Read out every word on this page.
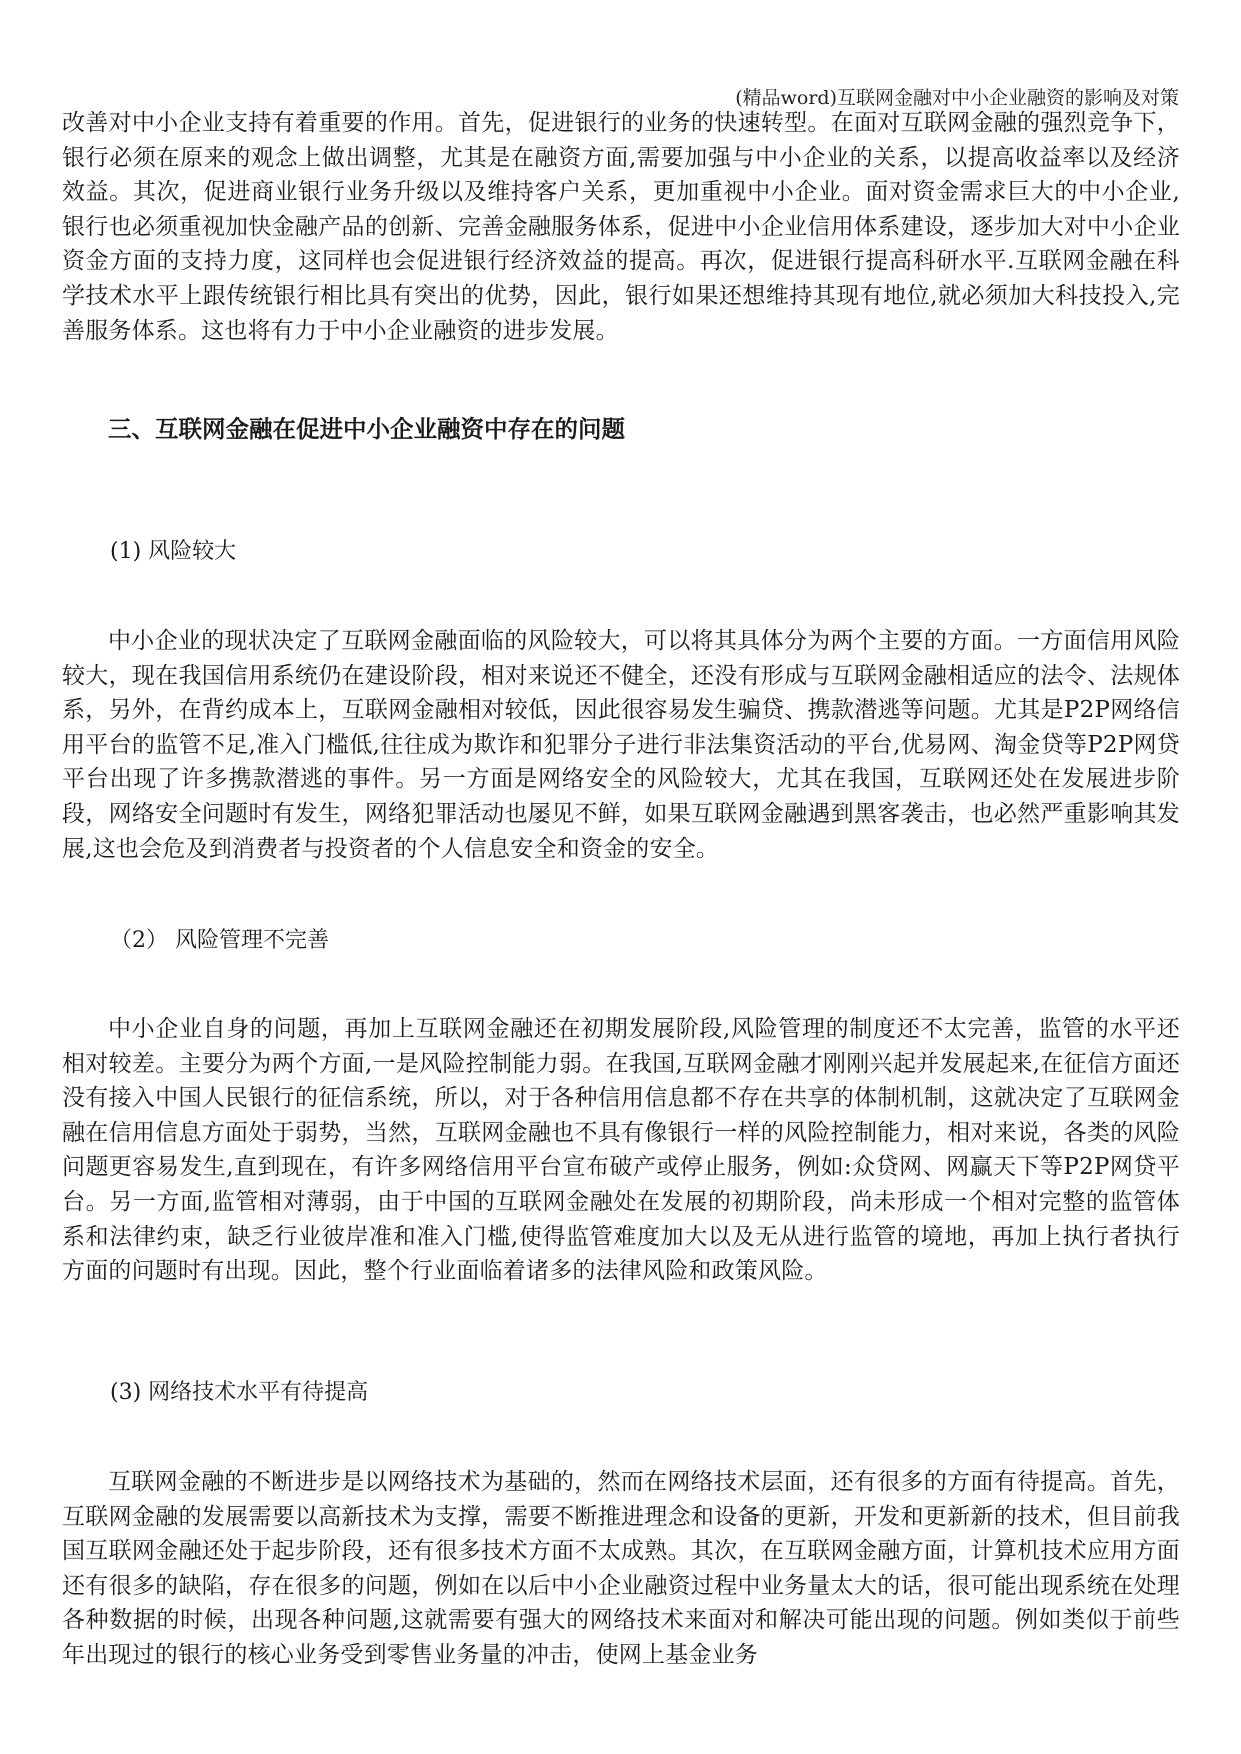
(精品word)互联网金融对中小企业融资的影响及对策

改善对中小企业支持有着重要的作用。首先，促进银行的业务的快速转型。在面对互联网金融的强烈竞争下，银行必须在原来的观念上做出调整，尤其是在融资方面,需要加强与中小企业的关系，以提高收益率以及经济效益。其次，促进商业银行业务升级以及维持客户关系，更加重视中小企业。面对资金需求巨大的中小企业,银行也必须重视加快金融产品的创新、完善金融服务体系，促进中小企业信用体系建设，逐步加大对中小企业资金方面的支持力度，这同样也会促进银行经济效益的提高。再次，促进银行提高科研水平.互联网金融在科学技术水平上跟传统银行相比具有突出的优势，因此，银行如果还想维持其现有地位,就必须加大科技投入,完善服务体系。这也将有力于中小企业融资的进步发展。

三、互联网金融在促进中小企业融资中存在的问题

(1) 风险较大

中小企业的现状决定了互联网金融面临的风险较大，可以将其具体分为两个主要的方面。一方面信用风险较大，现在我国信用系统仍在建设阶段，相对来说还不健全，还没有形成与互联网金融相适应的法令、法规体系，另外，在背约成本上，互联网金融相对较低，因此很容易发生骗贷、携款潜逃等问题。尤其是P2P网络信用平台的监管不足,准入门槛低,往往成为欺诈和犯罪分子进行非法集资活动的平台,优易网、淘金贷等P2P网贷平台出现了许多携款潜逃的事件。另一方面是网络安全的风险较大，尤其在我国，互联网还处在发展进步阶段，网络安全问题时有发生，网络犯罪活动也屡见不鲜，如果互联网金融遇到黑客袭击，也必然严重影响其发展,这也会危及到消费者与投资者的个人信息安全和资金的安全。

（2） 风险管理不完善

中小企业自身的问题，再加上互联网金融还在初期发展阶段,风险管理的制度还不太完善，监管的水平还相对较差。主要分为两个方面,一是风险控制能力弱。在我国,互联网金融才刚刚兴起并发展起来,在征信方面还没有接入中国人民银行的征信系统，所以，对于各种信用信息都不存在共享的体制机制，这就决定了互联网金融在信用信息方面处于弱势，当然，互联网金融也不具有像银行一样的风险控制能力，相对来说，各类的风险问题更容易发生,直到现在，有许多网络信用平台宣布破产或停止服务，例如:众贷网、网赢天下等P2P网贷平台。另一方面,监管相对薄弱，由于中国的互联网金融处在发展的初期阶段，尚未形成一个相对完整的监管体系和法律约束，缺乏行业彼岸准和准入门槛,使得监管难度加大以及无从进行监管的境地，再加上执行者执行方面的问题时有出现。因此，整个行业面临着诸多的法律风险和政策风险。

(3) 网络技术水平有待提高

互联网金融的不断进步是以网络技术为基础的，然而在网络技术层面，还有很多的方面有待提高。首先，互联网金融的发展需要以高新技术为支撑，需要不断推进理念和设备的更新，开发和更新新的技术，但目前我国互联网金融还处于起步阶段，还有很多技术方面不太成熟。其次，在互联网金融方面，计算机技术应用方面还有很多的缺陷，存在很多的问题，例如在以后中小企业融资过程中业务量太大的话，很可能出现系统在处理各种数据的时候，出现各种问题,这就需要有强大的网络技术来面对和解决可能出现的问题。例如类似于前些年出现过的银行的核心业务受到零售业务量的冲击，使网上基金业务
